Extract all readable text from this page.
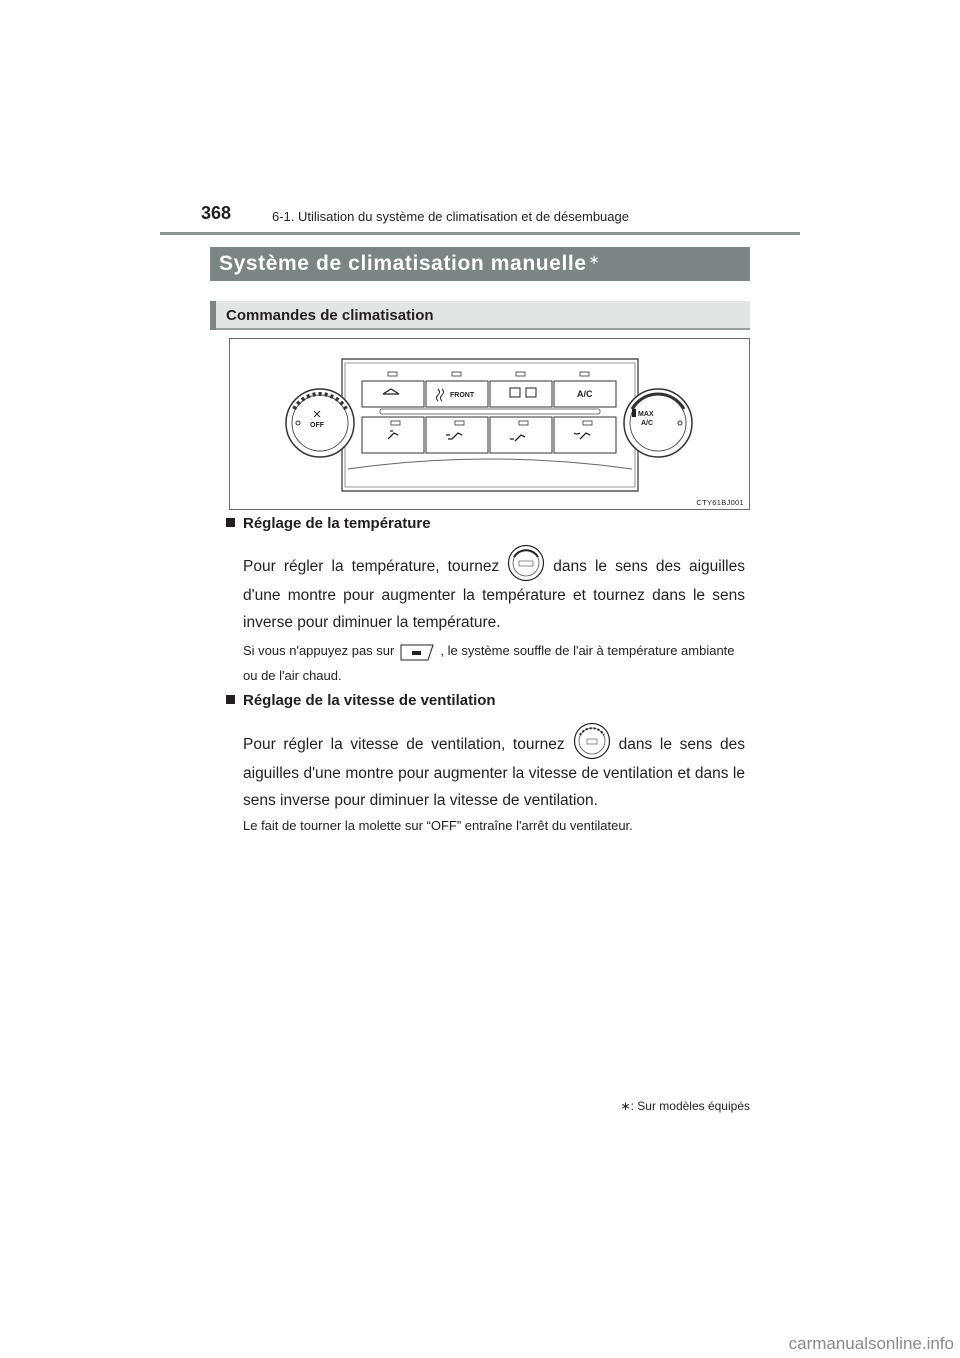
368	6-1. Utilisation du système de climatisation et de désembuage
Système de climatisation manuelle ∗
Commandes de climatisation
FRONT	A/C
OFF
MAX
A/C
CTY61BJ001
Réglage de la température
Pour régler la température, tournez	dans le sens des aiguilles d'une montre pour augmenter la température et tournez dans le sens inverse pour diminuer la température.
Si vous n'appuyez pas sur	, le système souffle de l'air à température ambiante ou de l'air chaud.
Réglage de la vitesse de ventilation
Pour régler la vitesse de ventilation, tournez	dans le sens des aiguilles d'une montre pour augmenter la vitesse de ventilation et dans le sens inverse pour diminuer la vitesse de ventilation.
Le fait de tourner la molette sur “OFF” entraîne l'arrêt du ventilateur.
∗: Sur modèles équipés
carmanualsonline.info
